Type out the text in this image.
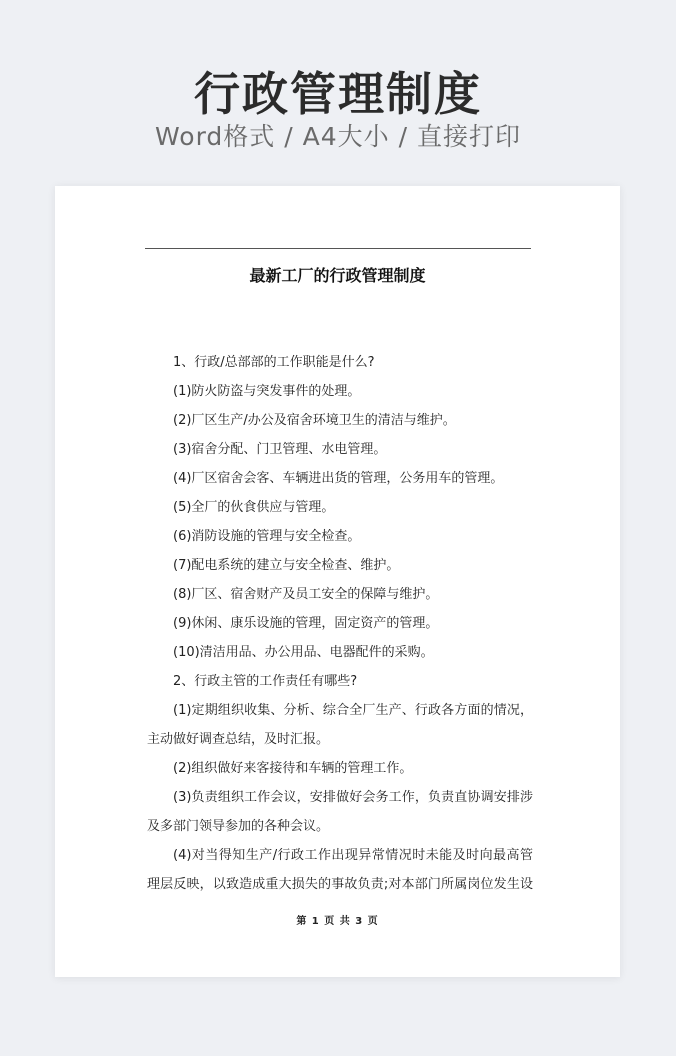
行政管理制度
Word格式 / A4大小 / 直接打印
最新工厂的行政管理制度

1、行政/总部部的工作职能是什么?

(1)防火防盗与突发事件的处理。

(2)厂区生产/办公及宿舍环境卫生的清洁与维护。

(3)宿舍分配、门卫管理、水电管理。

(4)厂区宿舍会客、车辆进出货的管理，公务用车的管理。

(5)全厂的伙食供应与管理。

(6)消防设施的管理与安全检查。

(7)配电系统的建立与安全检查、维护。

(8)厂区、宿舍财产及员工安全的保障与维护。

(9)休闲、康乐设施的管理，固定资产的管理。

(10)清洁用品、办公用品、电器配件的采购。

2、行政主管的工作责任有哪些?

(1)定期组织收集、分析、综合全厂生产、行政各方面的情况，

主动做好调查总结，及时汇报。

(2)组织做好来客接待和车辆的管理工作。

(3)负责组织工作会议，安排做好会务工作，负责直协调安排涉

及多部门领导参加的各种会议。

(4)对当得知生产/行政工作出现异常情况时未能及时向最高管

理层反映，以致造成重大损失的事故负责;对本部门所属岗位发生设

第 1 页 共 3 页
